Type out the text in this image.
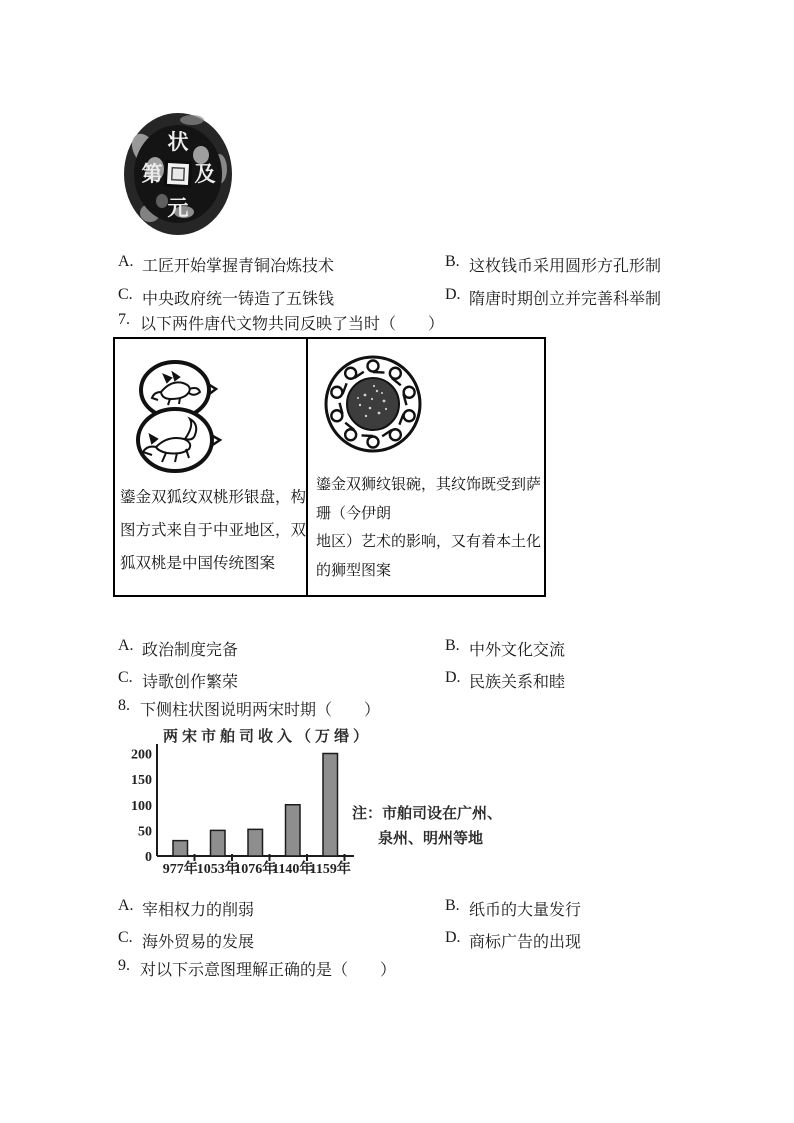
状
及
元
第
A. 工匠开始掌握青铜冶炼技术	B. 这枚钱币采用圆形方孔形制
C. 中央政府统一铸造了五铢钱	D. 隋唐时期创立并完善科举制
7. 以下两件唐代文物共同反映了当时（　　）
鎏金双狐纹双桃形银盘，构
图方式来自于中亚地区，双
狐双桃是中国传统图案
鎏金双狮纹银碗，其纹饰既受到萨
珊（今伊朗
地区）艺术的影响，又有着本土化
的狮型图案
A. 政治制度完备	B. 中外文化交流
C. 诗歌创作繁荣	D. 民族关系和睦
8. 下侧柱状图说明两宋时期（　　）
两宋市舶司收入（万缗）
0
50
100
150
200
977年 1053年
1076年
1140年
1159年
注：市舶司设在广州、
泉州、明州等地
A. 宰相权力的削弱	B. 纸币的大量发行
C. 海外贸易的发展	D. 商标广告的出现
9. 对以下示意图理解正确的是（　　）
